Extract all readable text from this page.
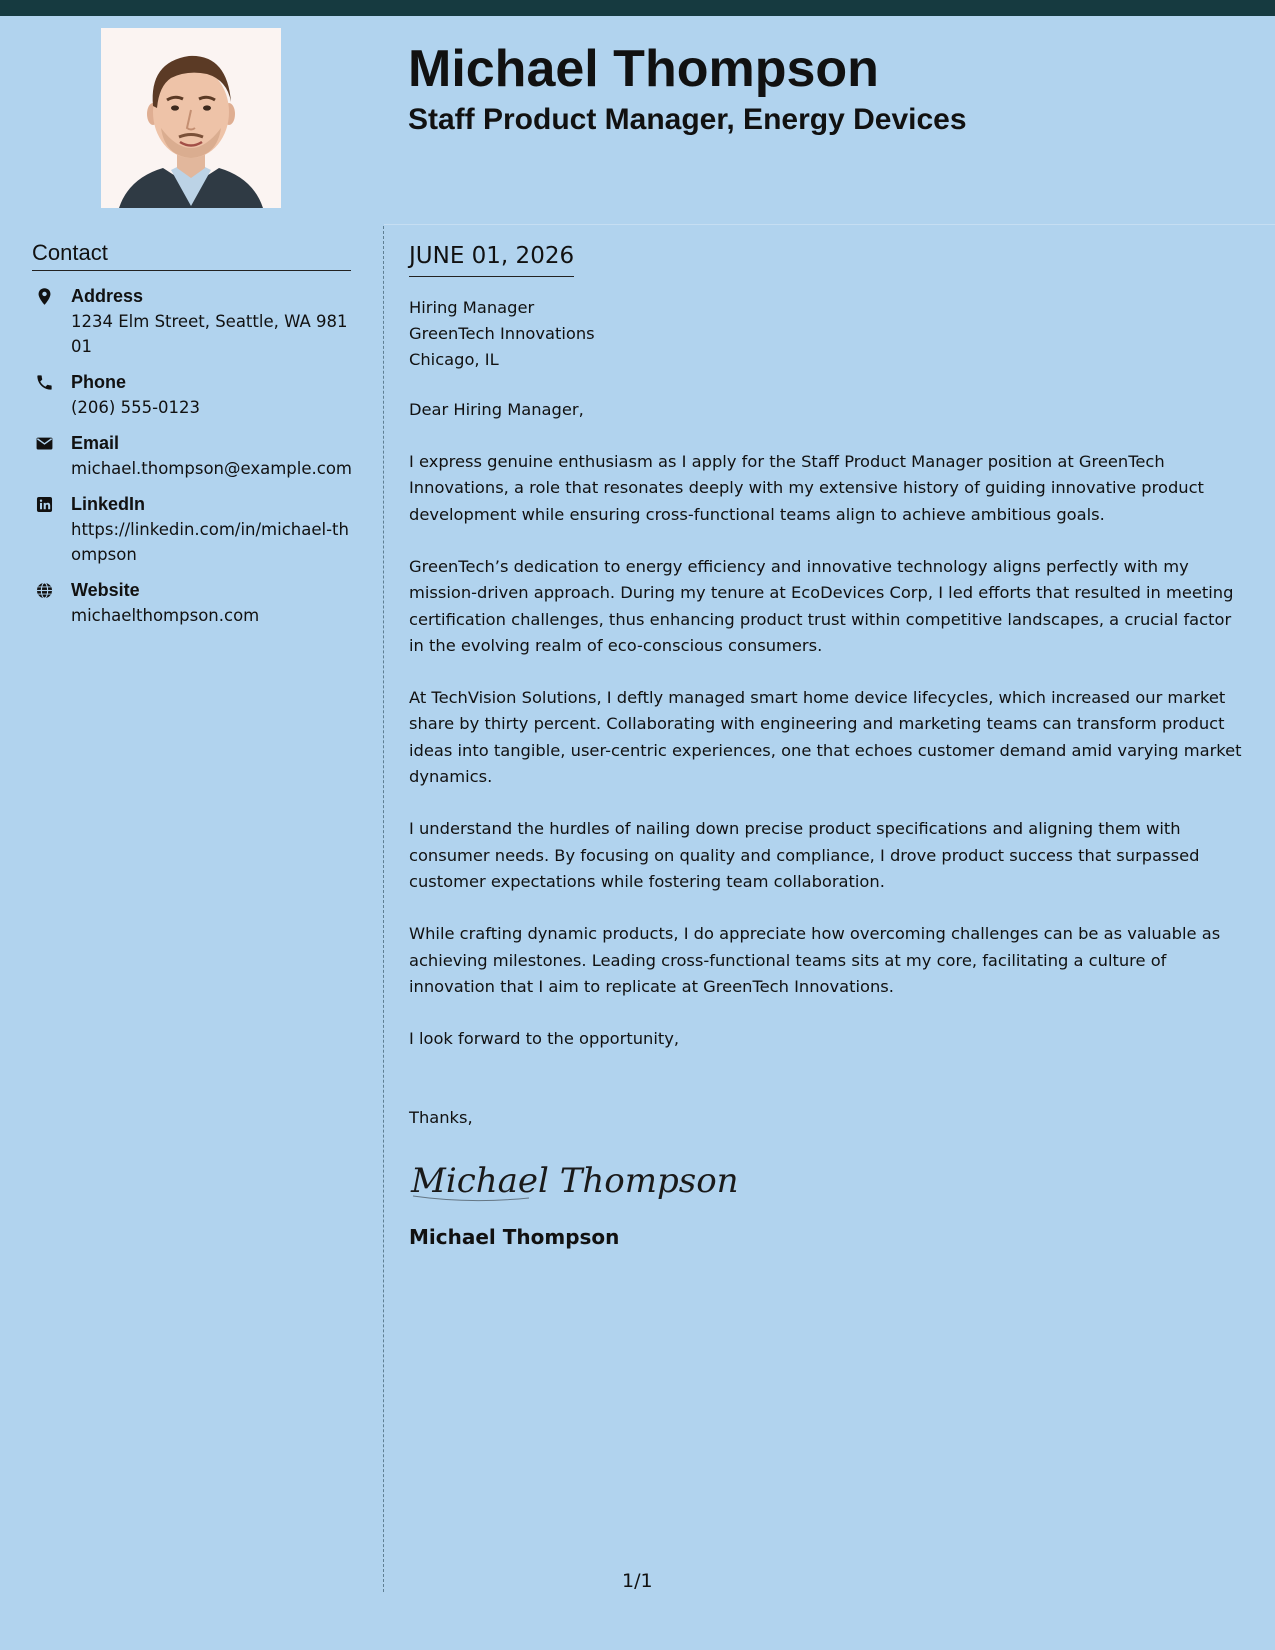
Michael Thompson
Staff Product Manager, Energy Devices
Contact
Address
1234 Elm Street, Seattle, WA 98101
Phone
(206) 555-0123
Email
michael.thompson@example.com
LinkedIn
https://linkedin.com/in/michael-thompson
Website
michaelthompson.com
JUNE 01, 2026

Hiring Manager

GreenTech Innovations

Chicago, IL

Dear Hiring Manager,

I express genuine enthusiasm as I apply for the Staff Product Manager position at GreenTech Innovations, a role that resonates deeply with my extensive history of guiding innovative product development while ensuring cross-functional teams align to achieve ambitious goals.

GreenTech’s dedication to energy efficiency and innovative technology aligns perfectly with my mission-driven approach. During my tenure at EcoDevices Corp, I led efforts that resulted in meeting certification challenges, thus enhancing product trust within competitive landscapes, a crucial factor in the evolving realm of eco-conscious consumers.

At TechVision Solutions, I deftly managed smart home device lifecycles, which increased our market share by thirty percent. Collaborating with engineering and marketing teams can transform product ideas into tangible, user-centric experiences, one that echoes customer demand amid varying market dynamics.

I understand the hurdles of nailing down precise product specifications and aligning them with consumer needs. By focusing on quality and compliance, I drove product success that surpassed customer expectations while fostering team collaboration.

While crafting dynamic products, I do appreciate how overcoming challenges can be as valuable as achieving milestones. Leading cross-functional teams sits at my core, facilitating a culture of innovation that I aim to replicate at GreenTech Innovations.

I look forward to the opportunity,

Thanks,

Michael Thompson

Michael Thompson

1/1
